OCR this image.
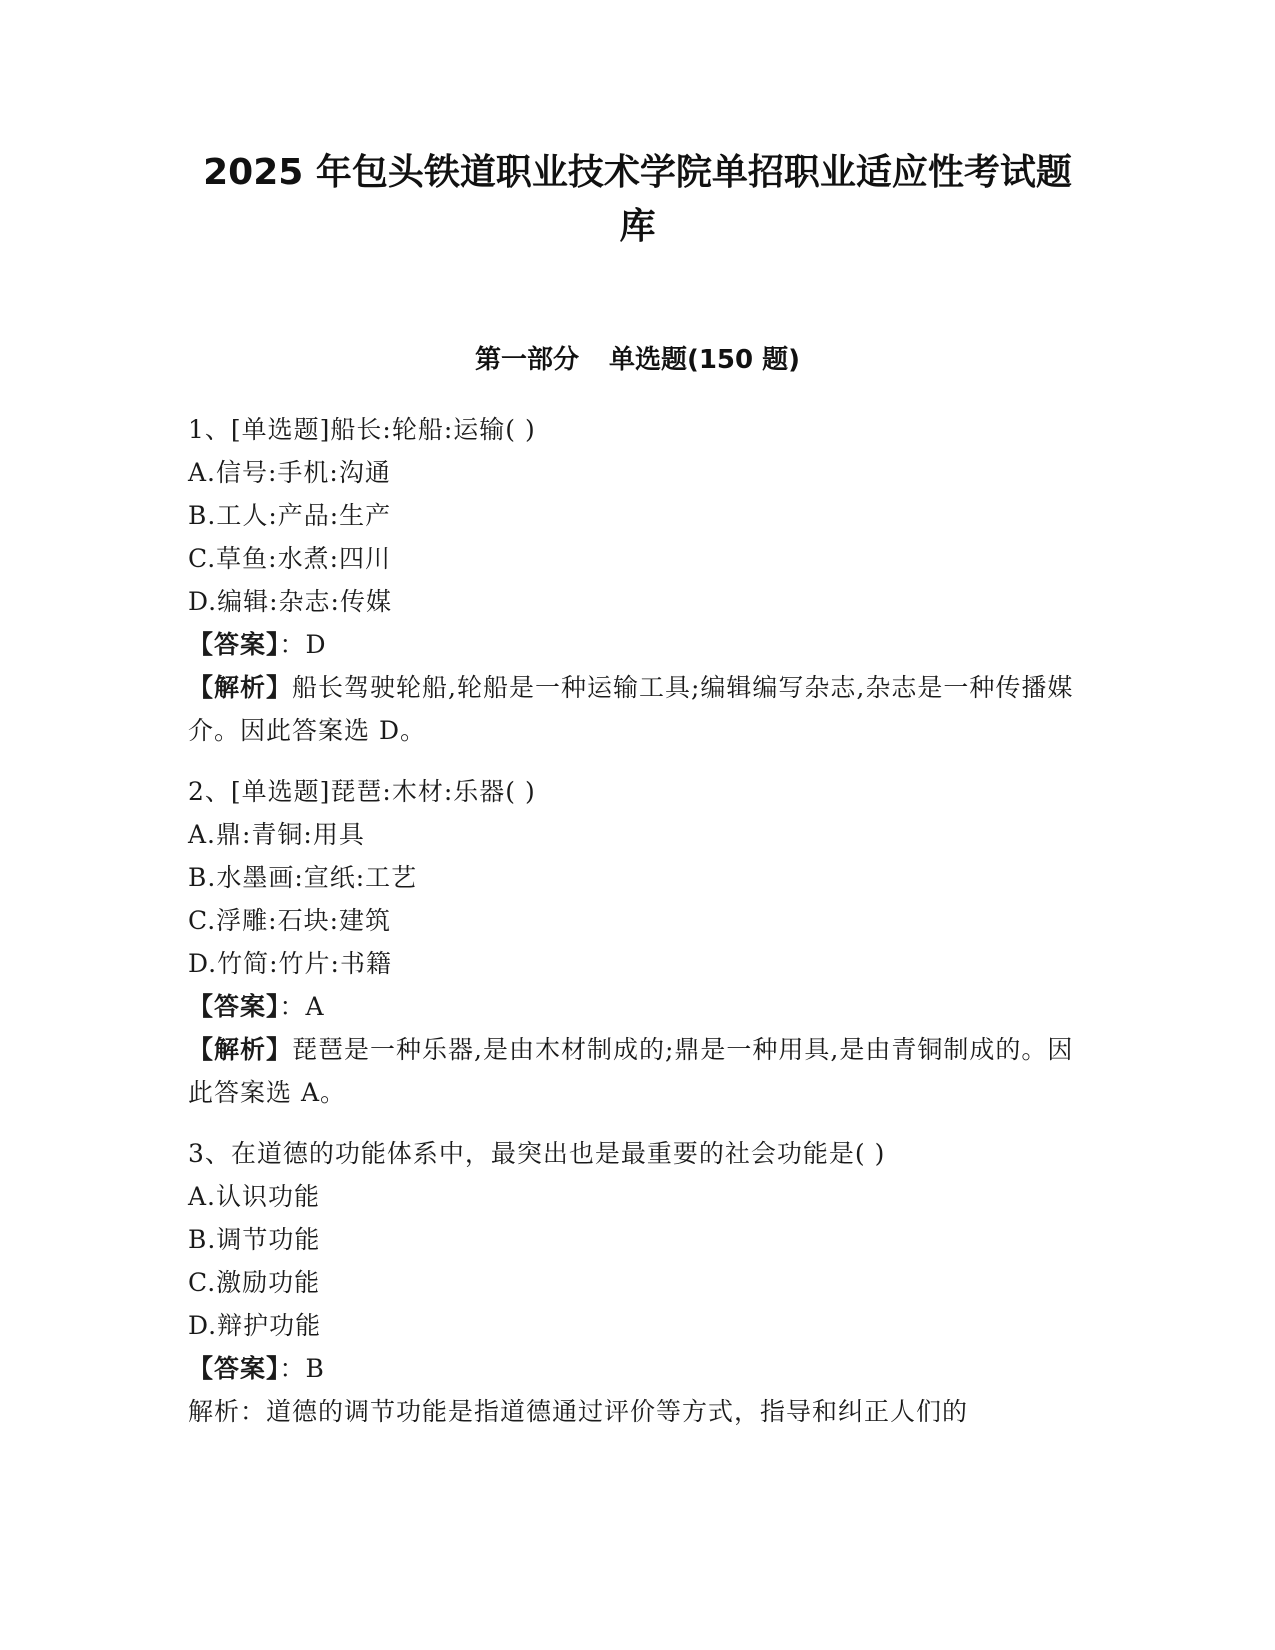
2025 年包头铁道职业技术学院单招职业适应性考试题
库
第一部分 单选题(150 题)
1、[单选题]船长:轮船:运输( )
A.信号:手机:沟通
B.工人:产品:生产
C.草鱼:水煮:四川
D.编辑:杂志:传媒
【答案】：D
【解析】船长驾驶轮船,轮船是一种运输工具;编辑编写杂志,杂志是一种传播媒介。因此答案选 D。
2、[单选题]琵琶:木材:乐器( )
A.鼎:青铜:用具
B.水墨画:宣纸:工艺
C.浮雕:石块:建筑
D.竹简:竹片:书籍
【答案】：A
【解析】琵琶是一种乐器,是由木材制成的;鼎是一种用具,是由青铜制成的。因此答案选 A。
3、在道德的功能体系中，最突出也是最重要的社会功能是( )
A.认识功能
B.调节功能
C.激励功能
D.辩护功能
【答案】：B
解析：道德的调节功能是指道德通过评价等方式，指导和纠正人们的
